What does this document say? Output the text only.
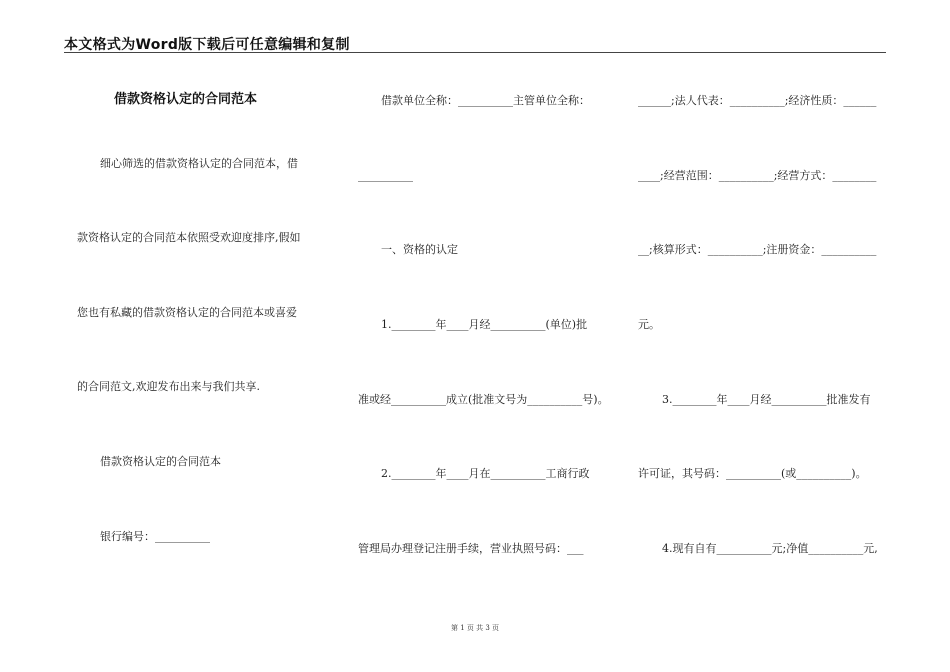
本文格式为Word版下载后可任意编辑和复制
借款资格认定的合同范本
细心筛选的借款资格认定的合同范本，借
款资格认定的合同范本依照受欢迎度排序,假如
您也有私藏的借款资格认定的合同范本或喜爱
的合同范文,欢迎发布出来与我们共享.
借款资格认定的合同范本
银行编号：__________
借款单位全称：__________主管单位全称：
__________
一、资格的认定
1.________年____月经__________(单位)批
准或经__________成立(批准文号为__________号)。
2.________年____月在__________工商行政
管理局办理登记注册手续，营业执照号码：___
______;法人代表：__________;经济性质：______
____;经营范围：__________;经营方式：________
__;核算形式：__________;注册资金：__________
元。
3.________年____月经__________批准发有
许可证，其号码：__________(或__________)。
4.现有自有__________元;净值__________元,
第 1 页 共 3 页
